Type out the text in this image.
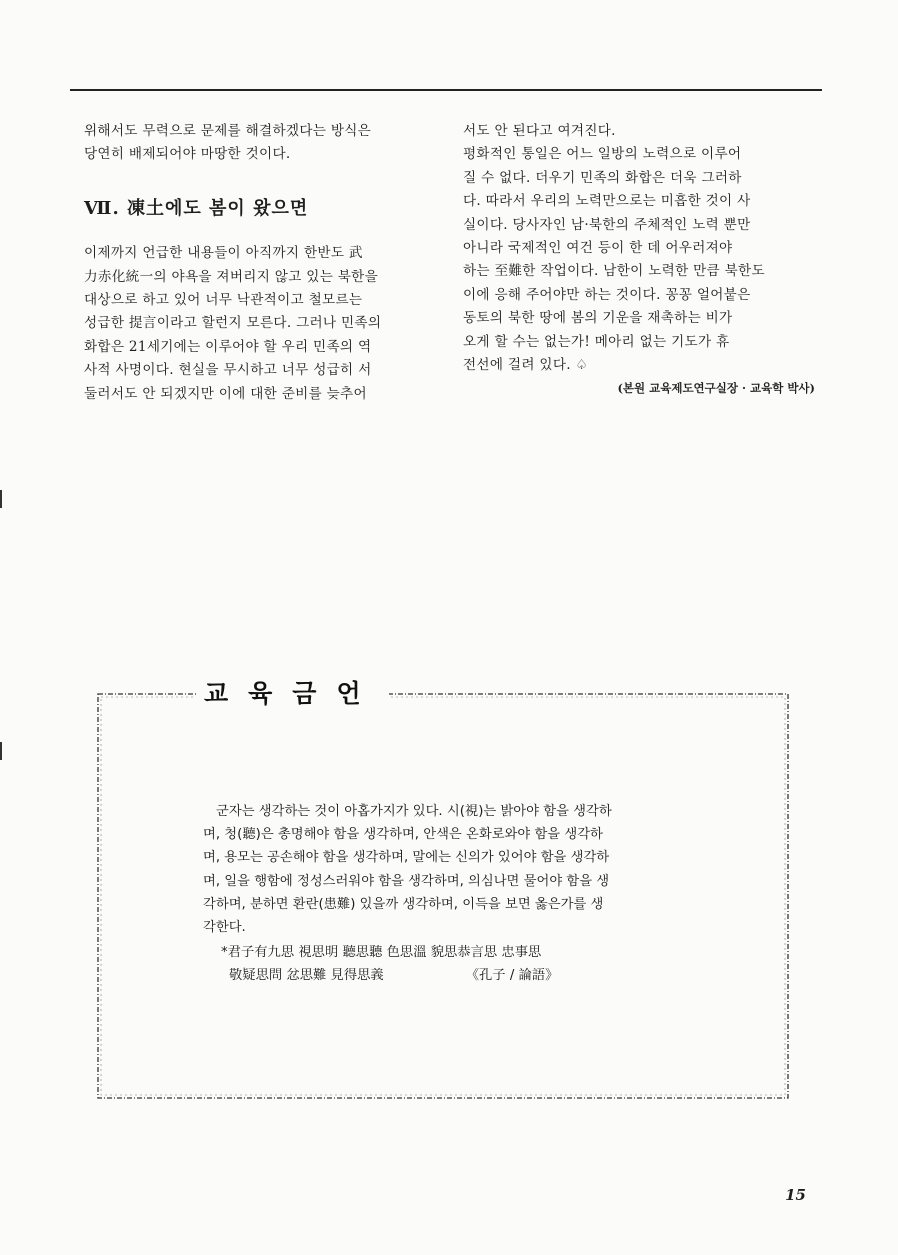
위해서도 무력으로 문제를 해결하겠다는 방식은

당연히 배제되어야 마땅한 것이다.

Ⅶ. 凍土에도 봄이 왔으면

이제까지 언급한 내용들이 아직까지 한반도 武

力赤化統一의 야욕을 져버리지 않고 있는 북한을

대상으로 하고 있어 너무 낙관적이고 철모르는

성급한 提言이라고 할런지 모른다. 그러나 민족의

화합은 21세기에는 이루어야 할 우리 민족의 역

사적 사명이다. 현실을 무시하고 너무 성급히 서

둘러서도 안 되겠지만 이에 대한 준비를 늦추어

서도 안 된다고 여겨진다.

평화적인 통일은 어느 일방의 노력으로 이루어

질 수 없다. 더우기 민족의 화합은 더욱 그러하

다. 따라서 우리의 노력만으로는 미흡한 것이 사

실이다. 당사자인 남·북한의 주체적인 노력 뿐만

아니라 국제적인 여건 등이 한 데 어우러져야

하는 至難한 작업이다. 남한이 노력한 만큼 북한도

이에 응해 주어야만 하는 것이다. 꽁꽁 얼어붙은

동토의 북한 땅에 봄의 기운을 재촉하는 비가

오게 할 수는 없는가! 메아리 없는 기도가 휴

전선에 걸려 있다. ♤

(본원 교육제도연구실장 · 교육학 박사)
교육금언

군자는 생각하는 것이 아홉가지가 있다. 시(視)는 밝아야 함을 생각하

며, 청(聽)은 총명해야 함을 생각하며, 안색은 온화로와야 함을 생각하

며, 용모는 공손해야 함을 생각하며, 말에는 신의가 있어야 함을 생각하

며, 일을 행함에 정성스러워야 함을 생각하며, 의심나면 물어야 함을 생

각하며, 분하면 환란(患難) 있을까 생각하며, 이득을 보면 옳은가를 생

각한다.

*君子有九思 視思明 聽思聽 色思溫 貌思恭言思 忠事思

敬疑思問 忿思難 見得思義	《孔子 / 論語》

15
